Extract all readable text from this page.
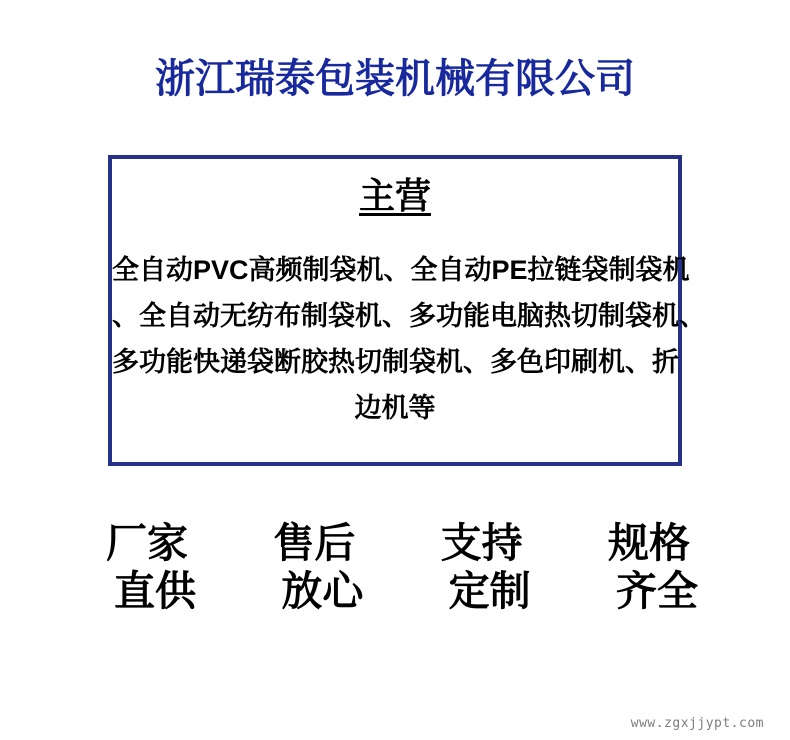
浙江瑞泰包装机械有限公司
主营
全自动PVC高频制袋机、全自动PE拉链袋制袋机
、全自动无纺布制袋机、多功能电脑热切制袋机、
多功能快递袋断胶热切制袋机、多色印刷机、折
边机等
厂家
直供
售后
放心
支持
定制
规格
齐全
www.zgxjjypt.com
